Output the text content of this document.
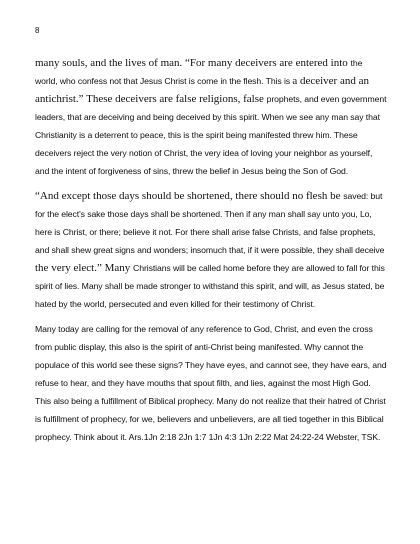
8

many souls, and the lives of man. “For many deceivers are entered into the world, who confess not that Jesus Christ is come in the flesh. This is a deceiver and an antichrist.” These deceivers are false religions, false prophets, and even government leaders, that are deceiving and being deceived by this spirit. When we see any man say that Christianity is a deterrent to peace, this is the spirit being manifested threw him. These deceivers reject the very notion of Christ, the very idea of loving your neighbor as yourself, and the intent of forgiveness of sins, threw the belief in Jesus being the Son of God.

“And except those days should be shortened, there should no flesh be saved: but for the elect's sake those days shall be shortened. Then if any man shall say unto you, Lo, here is Christ, or there; believe it not. For there shall arise false Christs, and false prophets, and shall shew great signs and wonders; insomuch that, if it were possible, they shall deceive the very elect.” Many Christians will be called home before they are allowed to fall for this spirit of lies. Many shall be made stronger to withstand this spirit, and will, as Jesus stated, be hated by the world, persecuted and even killed for their testimony of Christ.

Many today are calling for the removal of any reference to God, Christ, and even the cross from public display, this also is the spirit of anti-Christ being manifested. Why cannot the populace of this world see these signs? They have eyes, and cannot see, they have ears, and refuse to hear, and they have mouths that spout filth, and lies, against the most High God. This also being a fulfillment of Biblical prophecy. Many do not realize that their hatred of Christ is fulfillment of prophecy, for we, believers and unbelievers, are all tied together in this Biblical prophecy. Think about it. Ars.1Jn 2:18 2Jn 1:7 1Jn 4:3 1Jn 2:22 Mat 24:22-24 Webster, TSK.
